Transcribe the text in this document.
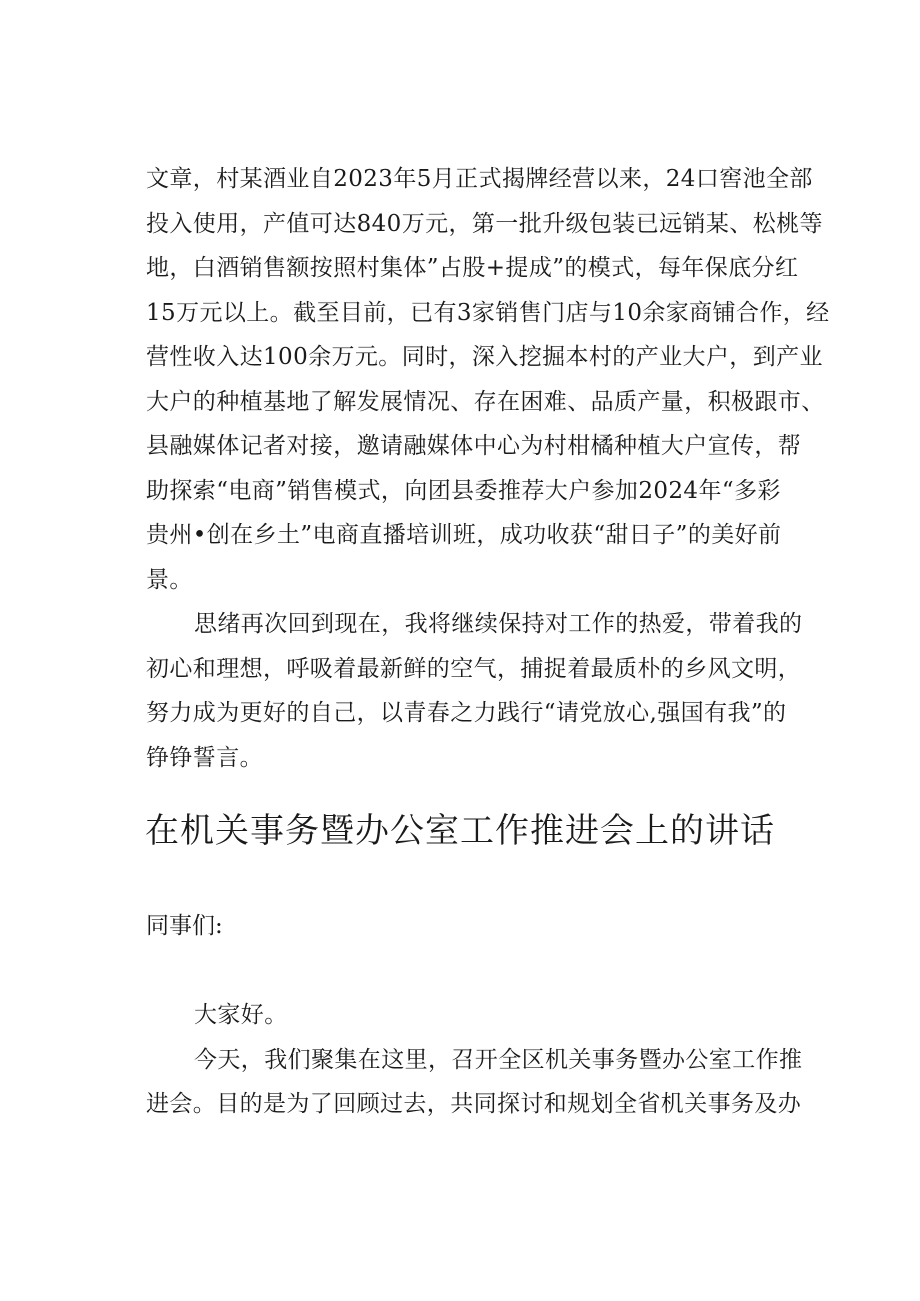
文章，村某酒业自2023年5月正式揭牌经营以来，24口窖池全部
投入使用，产值可达840万元，第一批升级包装已远销某、松桃等
地，白酒销售额按照村集体”占股+提成”的模式，每年保底分红
15万元以上。截至目前，已有3家销售门店与10余家商铺合作，经
营性收入达100余万元。同时，深入挖掘本村的产业大户，到产业
大户的种植基地了解发展情况、存在困难、品质产量，积极跟市、
县融媒体记者对接，邀请融媒体中心为村柑橘种植大户宣传，帮
助探索“电商”销售模式，向团县委推荐大户参加2024年“多彩
贵州•创在乡土”电商直播培训班，成功收获“甜日子”的美好前
景。
思绪再次回到现在，我将继续保持对工作的热爱，带着我的
初心和理想，呼吸着最新鲜的空气，捕捉着最质朴的乡风文明，
努力成为更好的自己，以青春之力践行“请党放心,强国有我”的
铮铮誓言。
在机关事务暨办公室工作推进会上的讲话
同事们:
大家好。
今天，我们聚集在这里，召开全区机关事务暨办公室工作推
进会。目的是为了回顾过去，共同探讨和规划全省机关事务及办
